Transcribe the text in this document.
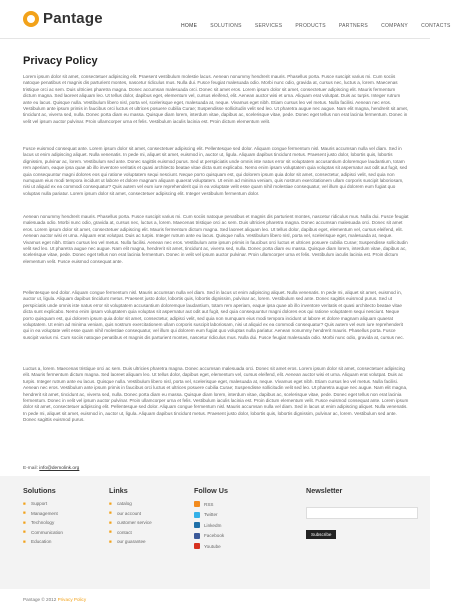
Pantage	HOME	SOLUTIONS	SERVICES	PRODUCTS	PARTNERS	COMPANY	CONTACTS
Privacy Policy

Lorem ipsum dolor sit amet, consectetuer adipiscing elit. Praesent vestibulum molestie lacus. Aenean nonummy hendrerit mauris. Phasellus porta. Fusce suscipit varius mi. Cum sociis natoque penatibus et magnis dis parturient montes, nascetur ridiculus mus. Nulla dui. Fusce feugiat malesuada odio. Morbi nunc odio, gravida at, cursus nec, luctus a, lorem. Maecenas tristique orci ac sem. Duis ultricies pharetra magna. Donec accumsan malesuada orci. Donec sit amet eros. Lorem ipsum dolor sit amet, consectetuer adipiscing elit. Mauris fermentum dictum magna. Sed laoreet aliquam leo. Ut tellus dolor, dapibus eget, elementum vel, cursus eleifend, elit. Aenean auctor wisi et urna. Aliquam erat volutpat. Duis ac turpis. Integer rutrum ante eu lacus. Quisque nulla. Vestibulum libero nisl, porta vel, scelerisque eget, malesuada at, neque. Vivamus eget nibh. Etiam cursus leo vel metus. Nulla facilisi. Aenean nec eros. Vestibulum ante ipsum primis in faucibus orci luctus et ultrices posuere cubilia Curae; Suspendisse sollicitudin velit sed leo. Ut pharetra augue nec augue. Nam elit magna, hendrerit sit amet, tincidunt ac, viverra sed, nulla. Donec porta diam eu massa. Quisque diam lorem, interdum vitae, dapibus ac, scelerisque vitae, pede. Donec eget tellus non erat lacinia fermentum. Donec in velit vel ipsum auctor pulvinar. Proin ullamcorper urna et felis. Vestibulum iaculis lacinia est. Proin dictum elementum velit.

Fusce euismod consequat ante. Lorem ipsum dolor sit amet, consectetuer adipiscing elit. Pellentesque sed dolor. Aliquam congue fermentum nisl. Mauris accumsan nulla vel diam. Sed in lacus ut enim adipiscing aliquet. Nulla venenatis. In pede mi, aliquet sit amet, euismod in, auctor ut, ligula. Aliquam dapibus tincidunt metus. Praesent justo dolor, lobortis quis, lobortis dignissim, pulvinar ac, lorem. Vestibulum sed ante. Donec sagittis euismod purus. Sed ut perspiciatis unde omnis iste natus error sit voluptatem accusantium doloremque laudantium, totam rem aperiam, eaque ipsa quae ab illo inventore veritatis et quasi architecto beatae vitae dicta sunt explicabo. Nemo enim ipsam voluptatem quia voluptas sit aspernatur aut odit aut fugit, sed quia consequuntur magni dolores eos qui ratione voluptatem sequi nesciunt. Neque porro quisquam est, qui dolorem ipsum quia dolor sit amet, consectetur, adipisci velit, sed quia non numquam eius modi tempora incidunt ut labore et dolore magnam aliquam quaerat voluptatem. Ut enim ad minima veniam, quis nostrum exercitationem ullam corporis suscipit laboriosam, nisi ut aliquid ex ea commodi consequatur? Quis autem vel eum iure reprehenderit qui in ea voluptate velit esse quam nihil molestiae consequatur, vel illum qui dolorem eum fugiat quo voluptas nulla pariatur. Lorem ipsum dolor sit amet, consectetuer adipiscing elit. Integer vestibulum fermentum dolor.

Aenean nonummy hendrerit mauris. Phasellus porta. Fusce suscipit varius mi. Cum sociis natoque penatibus et magnis dis parturient montes, nascetur ridiculus mus. Nulla dui. Fusce feugiat malesuada odio. Morbi nunc odio, gravida at, cursus nec, luctus a, lorem. Maecenas tristique orci ac sem. Duis ultricies pharetra magna. Donec accumsan malesuada orci. Donec sit amet eros. Lorem ipsum dolor sit amet, consectetuer adipiscing elit. Mauris fermentum dictum magna. Sed laoreet aliquam leo. Ut tellus dolor, dapibus eget, elementum vel, cursus eleifend, elit. Aenean auctor wisi et urna. Aliquam erat volutpat. Duis ac turpis. Integer rutrum ante eu lacus. Quisque nulla. Vestibulum libero nisl, porta vel, scelerisque eget, malesuada at, neque. Vivamus eget nibh. Etiam cursus leo vel metus. Nulla facilisi. Aenean nec eros. Vestibulum ante ipsum primis in faucibus orci luctus et ultrices posuere cubilia Curae; Suspendisse sollicitudin velit sed leo. Ut pharetra augue nec augue. Nam elit magna, hendrerit sit amet, tincidunt ac, viverra sed, nulla. Donec porta diam eu massa. Quisque diam lorem, interdum vitae, dapibus ac, scelerisque vitae, pede. Donec eget tellus non erat lacinia fermentum. Donec in velit vel ipsum auctor pulvinar. Proin ullamcorper urna et felis. Vestibulum iaculis lacinia est. Proin dictum elementum velit. Fusce euismod consequat ante.

Pellentesque sed dolor. Aliquam congue fermentum nisl. Mauris accumsan nulla vel diam. Sed in lacus ut enim adipiscing aliquet. Nulla venenatis. In pede mi, aliquet sit amet, euismod in, auctor ut, ligula. Aliquam dapibus tincidunt metus. Praesent justo dolor, lobortis quis, lobortis dignissim, pulvinar ac, lorem. Vestibulum sed ante. Donec sagittis euismod purus. Sed ut perspiciatis unde omnis iste natus error sit voluptatem accusantium doloremque laudantium, totam rem aperiam, eaque ipsa quae ab illo inventore veritatis et quasi architecto beatae vitae dicta sunt explicabo. Nemo enim ipsam voluptatem quia voluptas sit aspernatur aut odit aut fugit, sed quia consequuntur magni dolores eos qui ratione voluptatem sequi nesciunt. Neque porro quisquam est, qui dolorem ipsum quia dolor sit amet, consectetur, adipisci velit, sed quia non numquam eius modi tempora incidunt ut labore et dolore magnam aliquam quaerat voluptatem. Ut enim ad minima veniam, quis nostrum exercitationem ullam corporis suscipit laboriosam, nisi ut aliquid ex ea commodi consequatur? Quis autem vel eum iure reprehenderit qui in ea voluptate velit esse quam nihil molestiae consequatur, vel illum qui dolorem eum fugiat quo voluptas nulla pariatur. Aenean nonummy hendrerit mauris. Phasellus porta. Fusce suscipit varius mi. Cum sociis natoque penatibus et magnis dis parturient montes, nascetur ridiculus mus. Nulla dui. Fusce feugiat malesuada odio. Morbi nunc odio, gravida at, cursus nec.

Luctus a, lorem. Maecenas tristique orci ac sem. Duis ultricies pharetra magna. Donec accumsan malesuada orci. Donec sit amet eros. Lorem ipsum dolor sit amet, consectetuer adipiscing elit. Mauris fermentum dictum magna. Sed laoreet aliquam leo. Ut tellus dolor, dapibus eget, elementum vel, cursus eleifend, elit. Aenean auctor wisi et urna. Aliquam erat volutpat. Duis ac turpis. Integer rutrum ante eu lacus. Quisque nulla. Vestibulum libero nisl, porta vel, scelerisque eget, malesuada at, neque. Vivamus eget nibh. Etiam cursus leo vel metus. Nulla facilisi. Aenean nec eros. Vestibulum ante ipsum primis in faucibus orci luctus et ultrices posuere cubilia Curae; Suspendisse sollicitudin velit sed leo. Ut pharetra augue nec augue. Nam elit magna, hendrerit sit amet, tincidunt ac, viverra sed, nulla. Donec porta diam eu massa. Quisque diam lorem, interdum vitae, dapibus ac, scelerisque vitae, pede. Donec eget tellus non erat lacinia fermentum. Donec in velit vel ipsum auctor pulvinar. Proin ullamcorper urna et felis. Vestibulum iaculis lacinia est. Proin dictum elementum velit. Fusce euismod consequat ante. Lorem ipsum dolor sit amet, consectetuer adipiscing elit. Pellentesque sed dolor. Aliquam congue fermentum nisl. Mauris accumsan nulla vel diam. Sed in lacus ut enim adipiscing aliquet. Nulla venenatis. In pede mi, aliquet sit amet, euismod in, auctor ut, ligula. Aliquam dapibus tincidunt metus. Praesent justo dolor, lobortis quis, lobortis dignissim, pulvinar ac, lorem. Vestibulum sed ante. Donec sagittis euismod purus.

E-mail: info@demolink.org
Solutions
■ Support
■ Management
■ Technology
■ Communication
■ Education
Links
■ catalog
■ our account
■ customer service
■ contact
■ our guarantee
Follow Us
RSS
Twitter
LinkedIn
Facebook
Youtube
Newsletter
Subscribe
Pantage © 2012 Privacy Policy
